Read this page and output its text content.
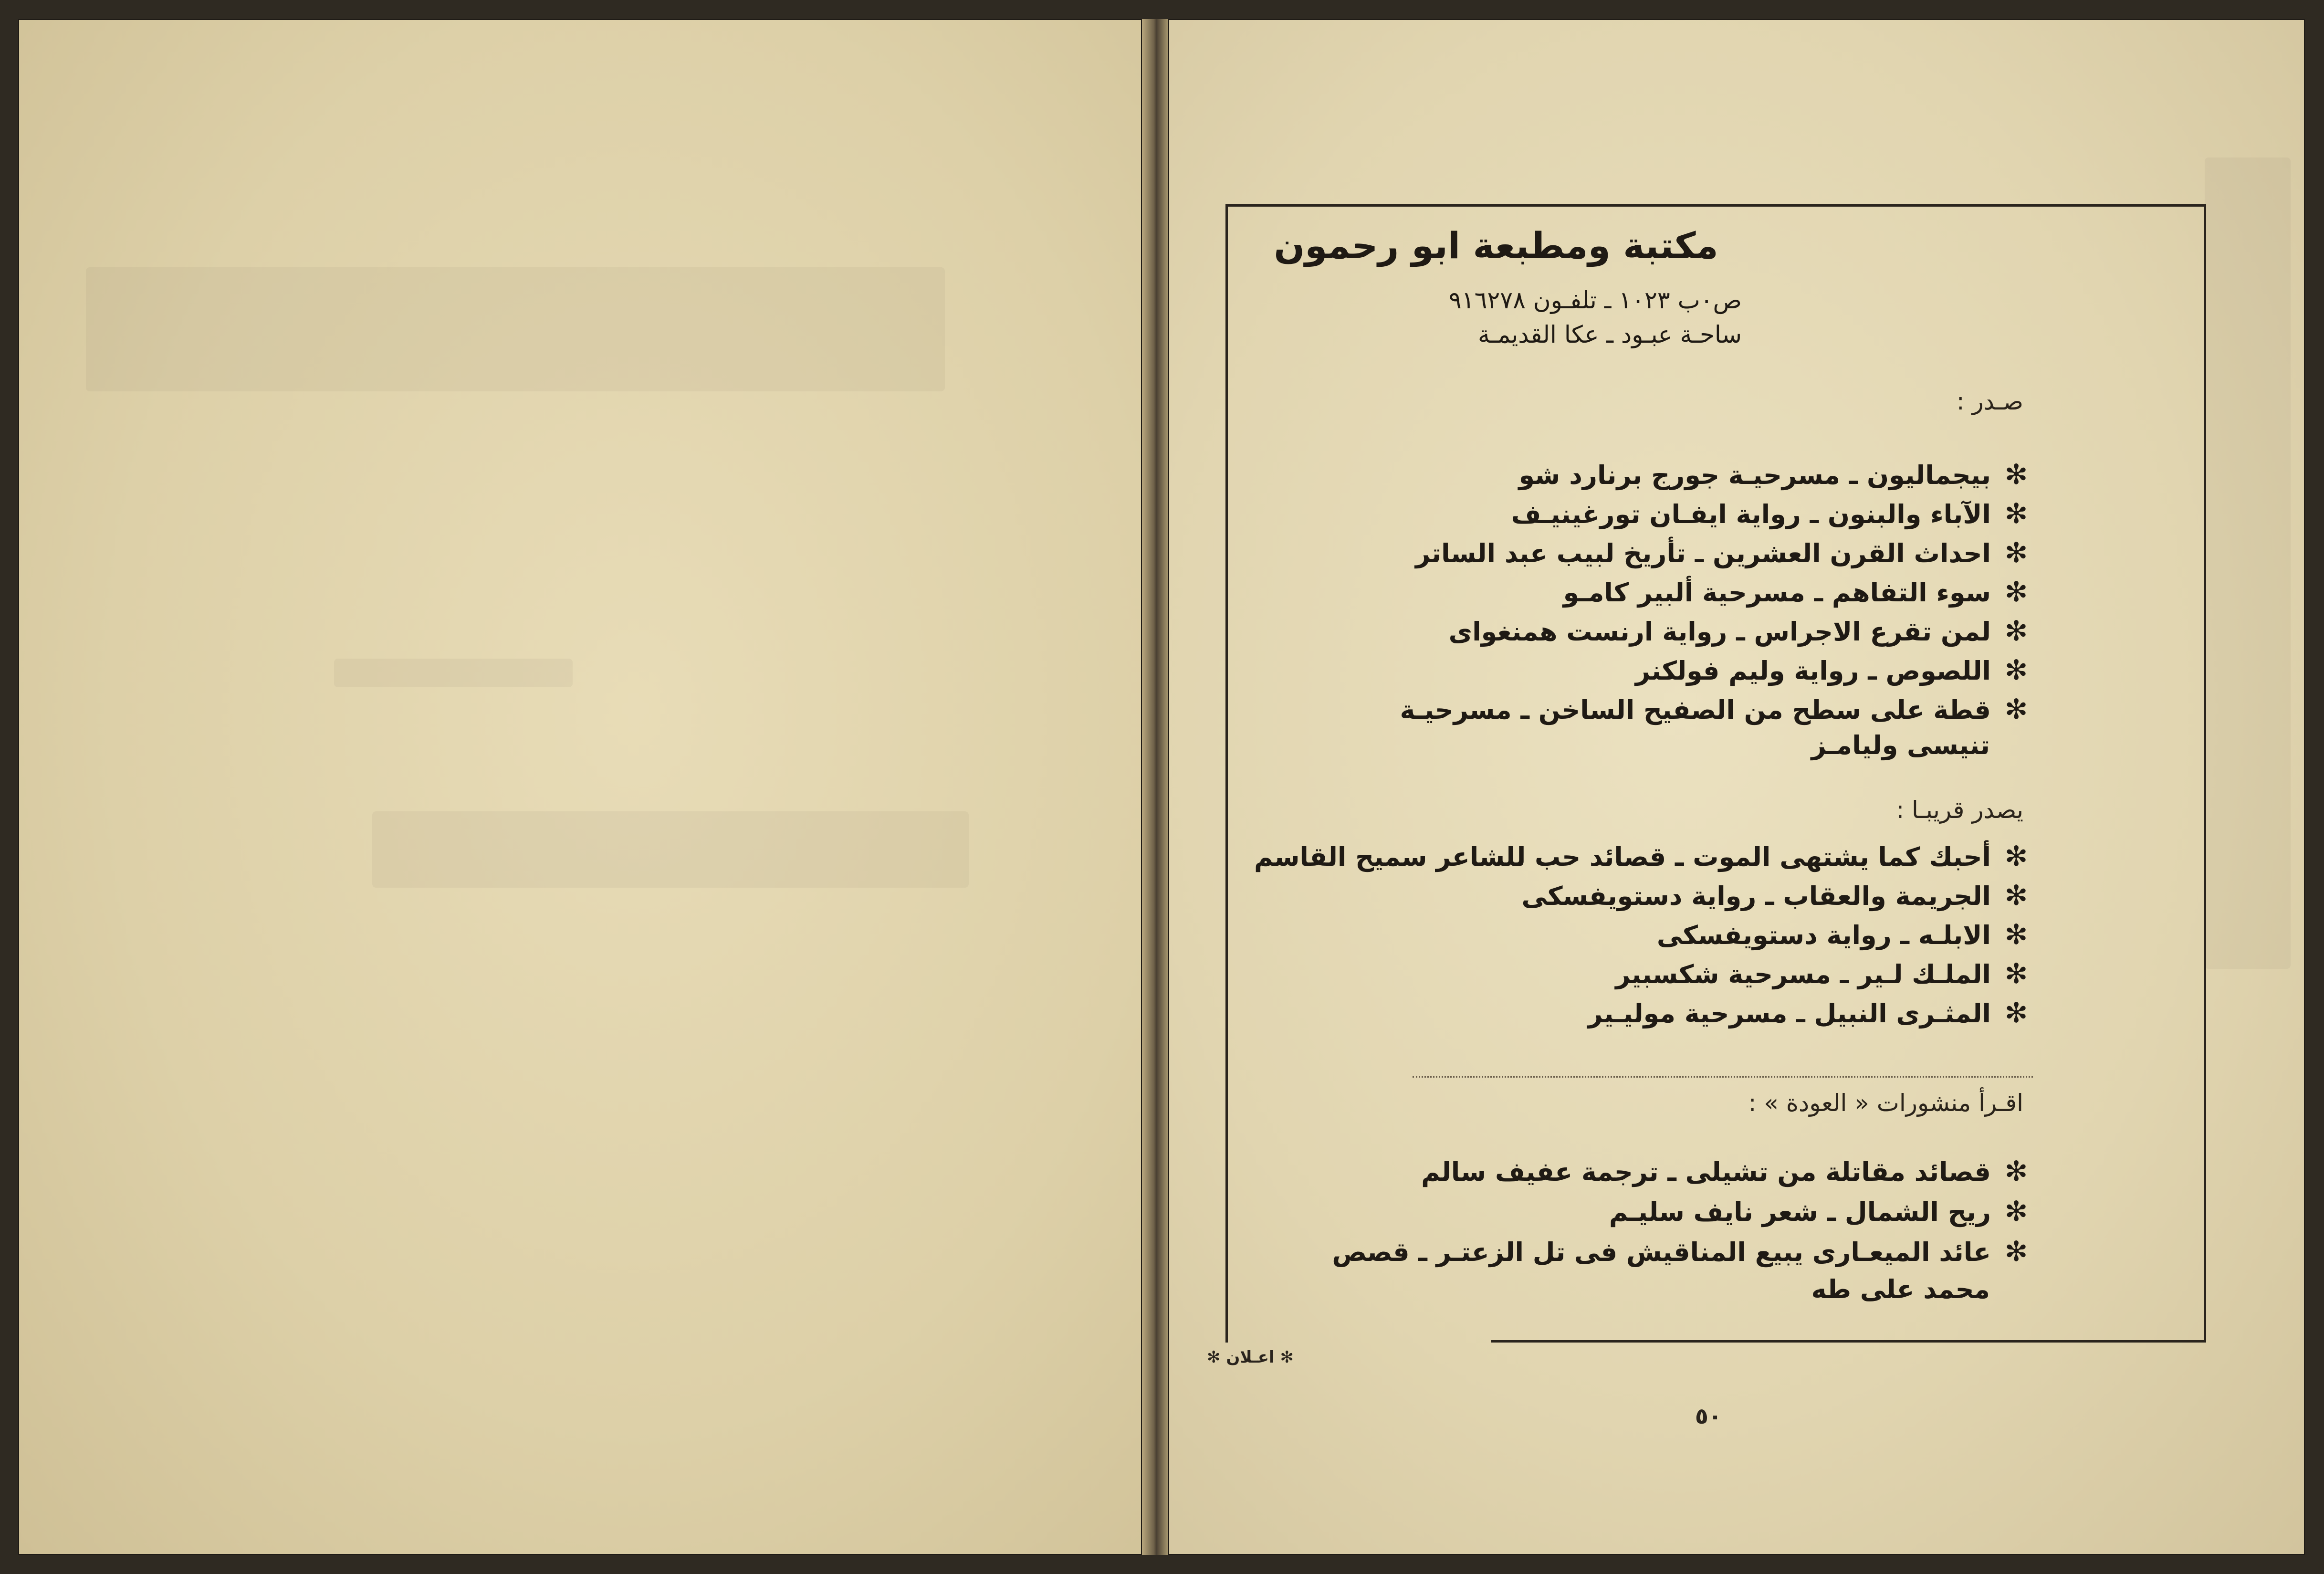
مكتبة ومطبعة ابو رحمون
ص٠ب ١٠٢٣ ـ تلفـون ٩١٦٢٧٨
ساحـة عبـود ـ عكا القديمـة
صـدر :
✻بيجماليون ـ مسرحيـة جورج برنارد شو
✻الآباء والبنون ـ رواية ايفـان تورغينيـف
✻احداث القرن العشرين ـ تأريخ لبيب عبد الساتر
✻سوء التفاهم ـ مسرحية ألبير كامـو
✻لمن تقرع الاجراس ـ رواية ارنست همنغواى
✻اللصوص ـ رواية وليم فولكنر
✻قطة على سطح من الصفيح الساخن ـ مسرحيـة
تنيسى وليامـز
يصدر قريبـا :
✻أحبك كما يشتهى الموت ـ قصائد حب للشاعر سميح القاسم
✻الجريمة والعقاب ـ رواية دستويفسكى
✻الابلـه ـ رواية دستويفسكى
✻الملـك لـير ـ مسرحية شكسبير
✻المثـرى النبيل ـ مسرحية موليـير
اقـرأ منشورات « العودة » :
✻قصائد مقاتلة من تشيلى ـ ترجمة عفيف سالم
✻ريح الشمال ـ شعر نايف سليـم
✻عائد الميعـارى يبيع المناقيش فى تل الزعتـر ـ قصص
محمد على طه
✻ اعـلان ✻
٥٠
